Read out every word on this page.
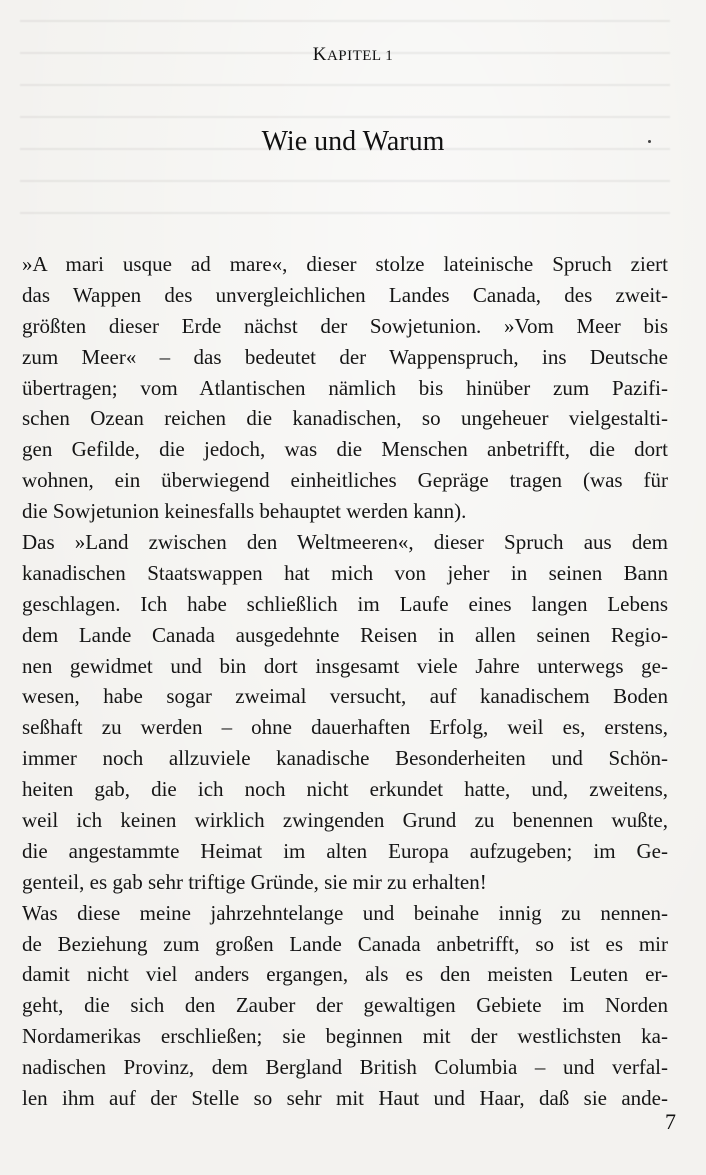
KAPITEL 1
Wie und Warum
»A mari usque ad mare«, dieser stolze lateinische Spruch ziert
das Wappen des unvergleichlichen Landes Canada, des zweit-
größten dieser Erde nächst der Sowjetunion. »Vom Meer bis
zum Meer« – das bedeutet der Wappenspruch, ins Deutsche
übertragen; vom Atlantischen nämlich bis hinüber zum Pazifi-
schen Ozean reichen die kanadischen, so ungeheuer vielgestalti-
gen Gefilde, die jedoch, was die Menschen anbetrifft, die dort
wohnen, ein überwiegend einheitliches Gepräge tragen (was für
die Sowjetunion keinesfalls behauptet werden kann).
Das »Land zwischen den Weltmeeren«, dieser Spruch aus dem
kanadischen Staatswappen hat mich von jeher in seinen Bann
geschlagen. Ich habe schließlich im Laufe eines langen Lebens
dem Lande Canada ausgedehnte Reisen in allen seinen Regio-
nen gewidmet und bin dort insgesamt viele Jahre unterwegs ge-
wesen, habe sogar zweimal versucht, auf kanadischem Boden
seßhaft zu werden – ohne dauerhaften Erfolg, weil es, erstens,
immer noch allzuviele kanadische Besonderheiten und Schön-
heiten gab, die ich noch nicht erkundet hatte, und, zweitens,
weil ich keinen wirklich zwingenden Grund zu benennen wußte,
die angestammte Heimat im alten Europa aufzugeben; im Ge-
genteil, es gab sehr triftige Gründe, sie mir zu erhalten!
Was diese meine jahrzehntelange und beinahe innig zu nennen-
de Beziehung zum großen Lande Canada anbetrifft, so ist es mir
damit nicht viel anders ergangen, als es den meisten Leuten er-
geht, die sich den Zauber der gewaltigen Gebiete im Norden
Nordamerikas erschließen; sie beginnen mit der westlichsten ka-
nadischen Provinz, dem Bergland British Columbia – und verfal-
len ihm auf der Stelle so sehr mit Haut und Haar, daß sie ande-
7
